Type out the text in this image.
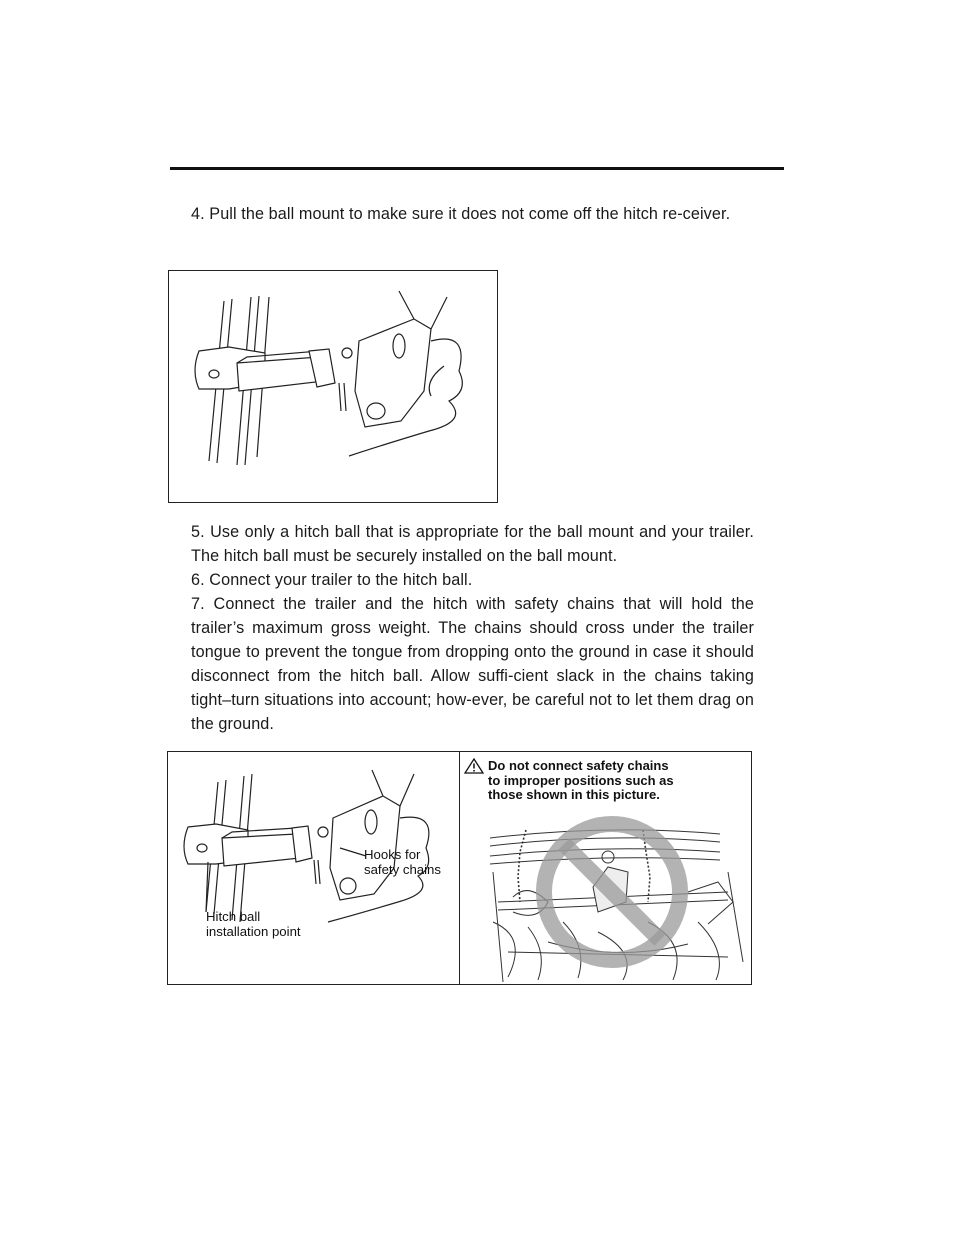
4. Pull the ball mount to make sure it does not come off the hitch re-ceiver.

5. Use only a hitch ball that is appropriate for the ball mount and your trailer. The hitch ball must be securely installed on the ball mount.

6. Connect your trailer to the hitch ball.

7. Connect the trailer and the hitch with safety chains that will hold the trailer’s maximum gross weight. The chains should cross under the trailer tongue to prevent the tongue from dropping onto the ground in case it should disconnect from the hitch ball. Allow suffi-cient slack in the chains taking tight–turn situations into account; how-ever, be careful not to let them drag on the ground.

Hooks for
safety chains
Hitch ball
installation point
Do not connect safety chains
to improper positions such as
those shown in this picture.
